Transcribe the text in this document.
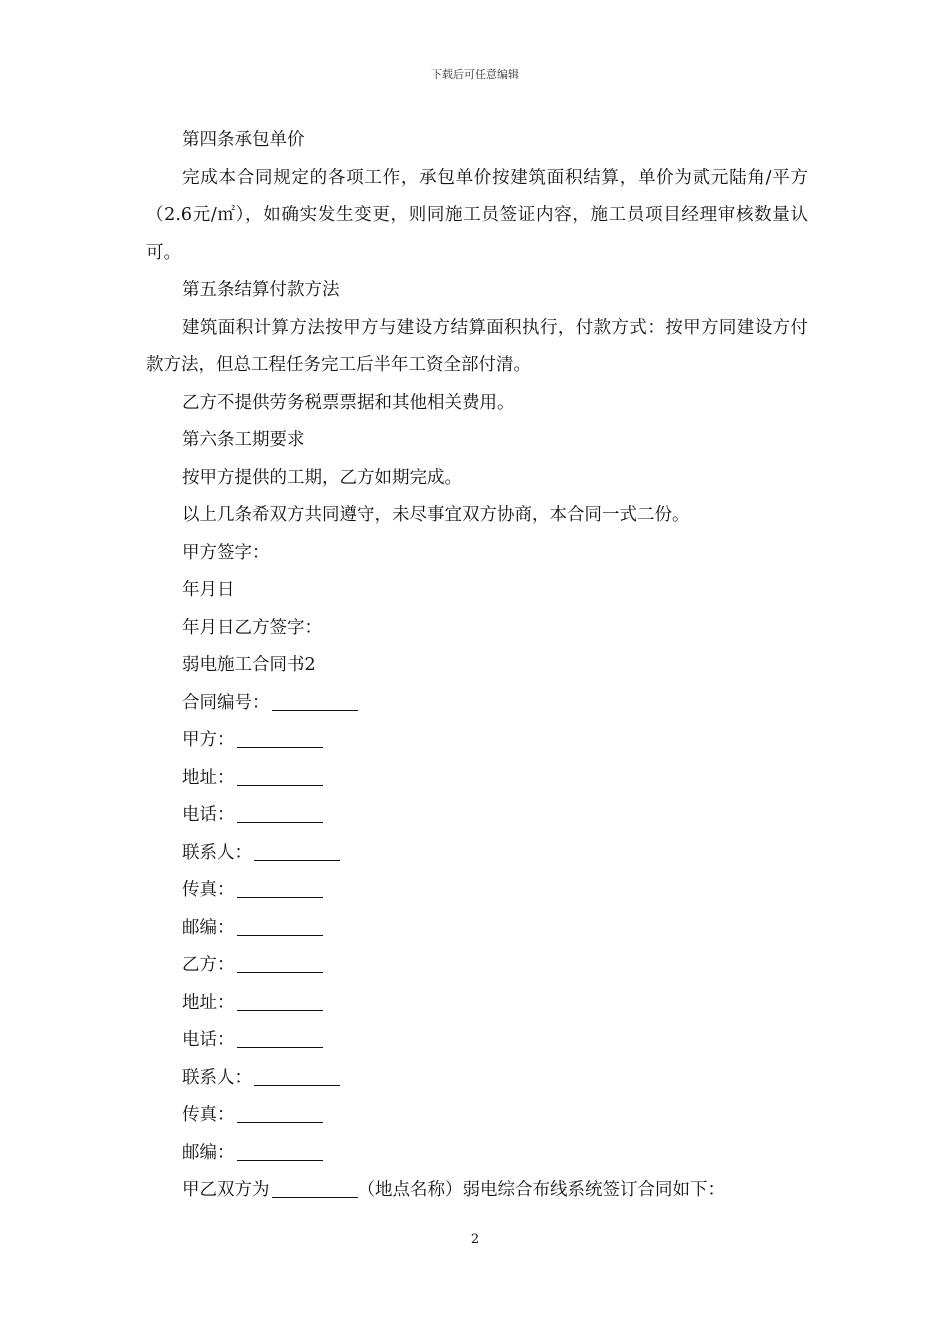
下载后可任意编辑
第四条承包单价
完成本合同规定的各项工作，承包单价按建筑面积结算，单价为贰元陆角/平方（2.6元/㎡），如确实发生变更，则同施工员签证内容，施工员项目经理审核数量认可。
第五条结算付款方法
建筑面积计算方法按甲方与建设方结算面积执行，付款方式：按甲方同建设方付款方法，但总工程任务完工后半年工资全部付清。
乙方不提供劳务税票票据和其他相关费用。
第六条工期要求
按甲方提供的工期，乙方如期完成。
以上几条希双方共同遵守，未尽事宜双方协商，本合同一式二份。
甲方签字：
年月日
年月日乙方签字：
弱电施工合同书2
合同编号：
甲方：
地址：
电话：
联系人：
传真：
邮编：
乙方：
地址：
电话：
联系人：
传真：
邮编：
甲乙双方为	（地点名称）弱电综合布线系统签订合同如下：
2
